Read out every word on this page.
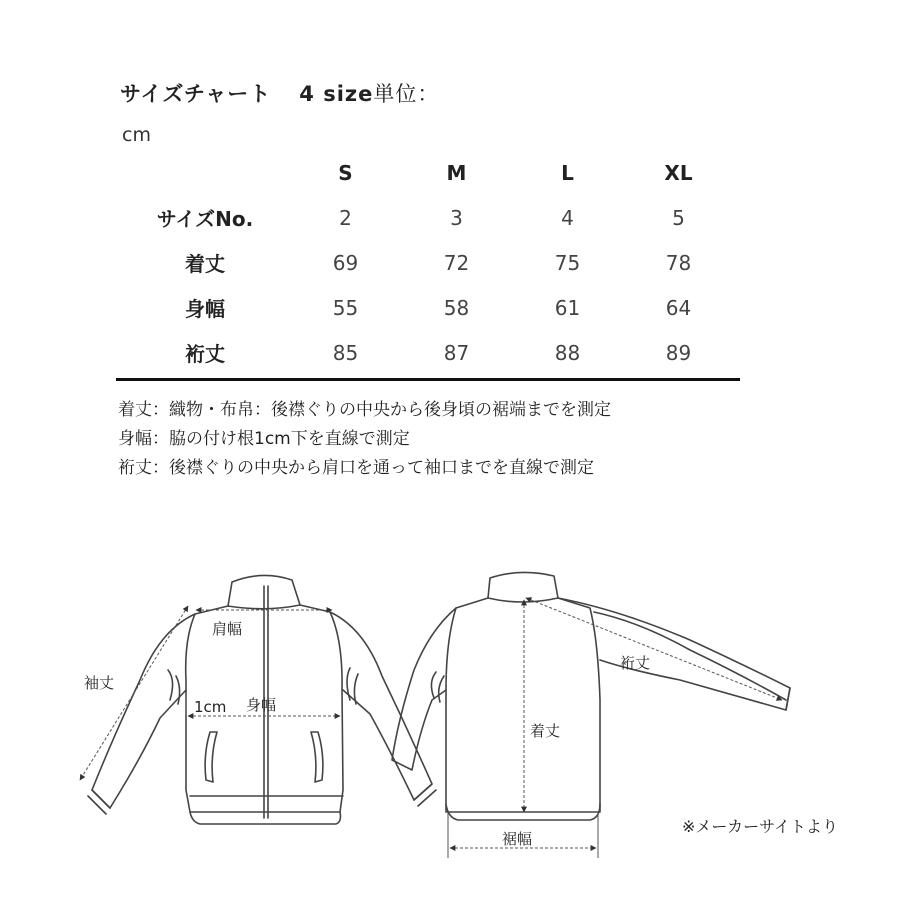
サイズチャート 4 size単位：
cm
	S	M	L	XL
サイズNo.	2	3	4	5
着丈	69	72	75	78
身幅	55	58	61	64
裄丈	85	87	88	89
着丈：織物・布帛：後襟ぐりの中央から後身頃の裾端までを測定
身幅：脇の付け根1cm下を直線で測定
裄丈：後襟ぐりの中央から肩口を通って袖口までを直線で測定
肩幅
袖丈
1cm 身幅
裄丈
着丈
裾幅
※メーカーサイトより
